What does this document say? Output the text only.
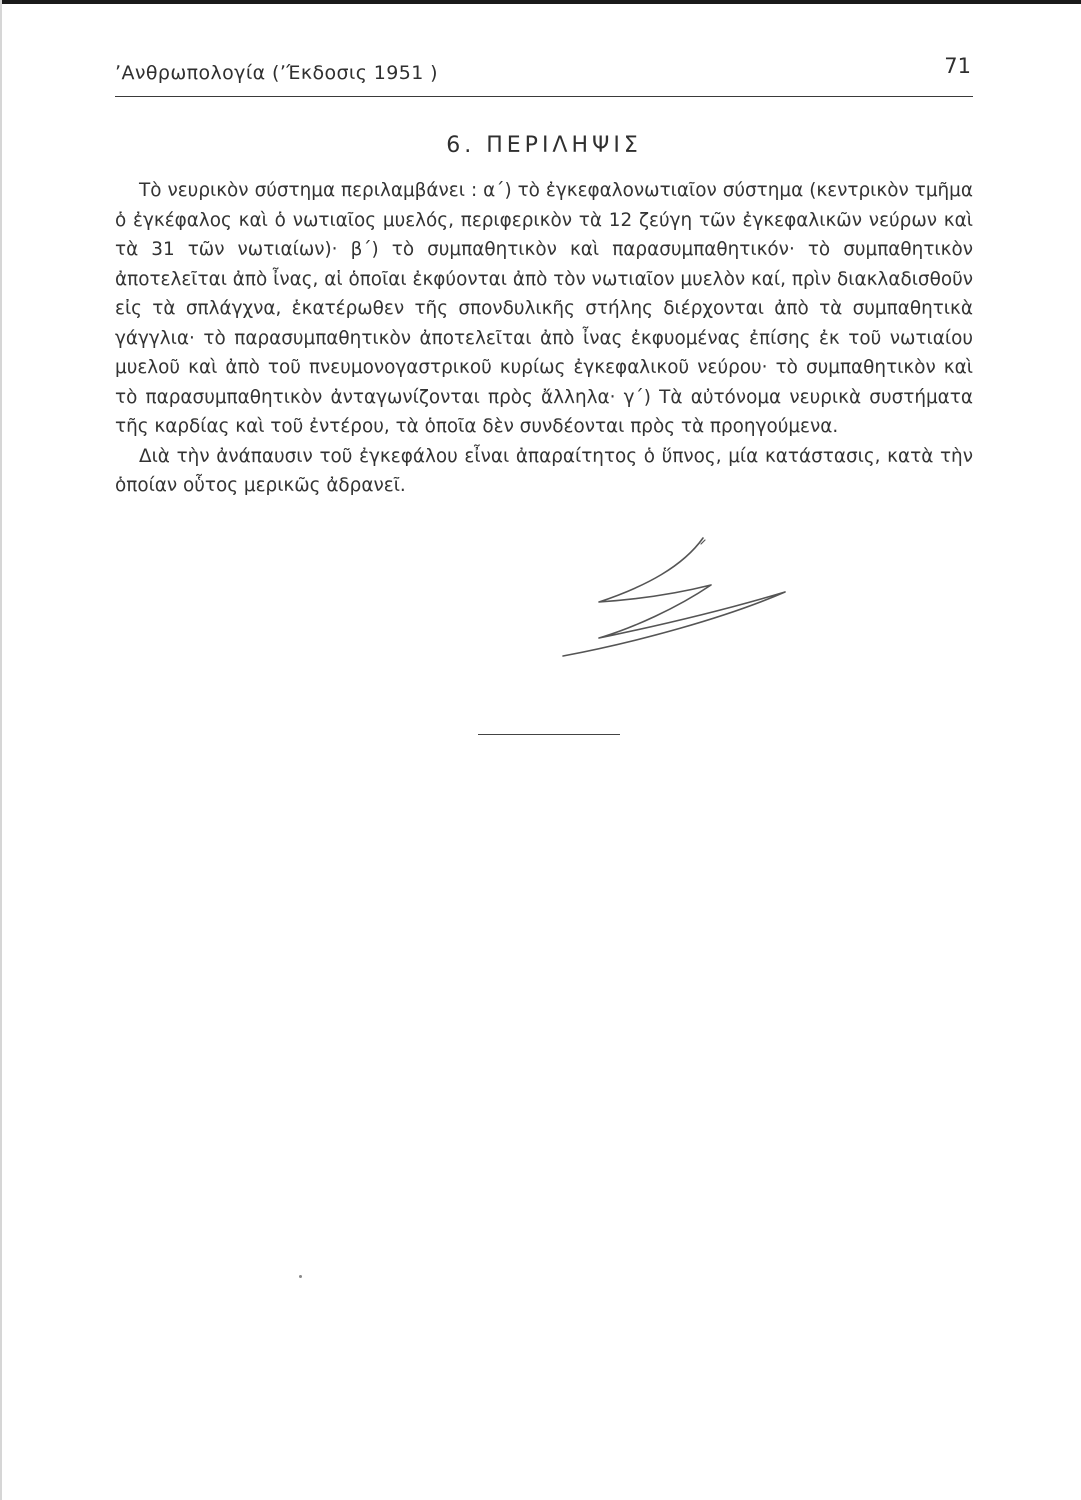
ʼΑνθρωπολογία (ʼΈκδοσις 1951 )	71
6. ΠΕΡΙΛΗΨΙΣ

Τὸ νευρικὸν σύστημα περιλαμβάνει : α΄) τὸ ἐγκεφαλονωτιαῖον σύστημα (κεντρικὸν τμῆμα ὁ ἐγκέφαλος καὶ ὁ νωτιαῖος μυελός, περιφερικὸν τὰ 12 ζεύγη τῶν ἐγκεφαλικῶν νεύρων καὶ τὰ 31 τῶν νωτιαίων)· β΄) τὸ συμπαθητικὸν καὶ παρασυμπαθητικόν· τὸ συμπαθητικὸν ἀποτελεῖται ἀπὸ ἶνας, αἱ ὁποῖαι ἐκφύονται ἀπὸ τὸν νωτιαῖον μυελὸν καί, πρὶν διακλαδισθοῦν εἰς τὰ σπλάγχνα, ἑκατέρωθεν τῆς σπονδυλικῆς στήλης διέρχονται ἀπὸ τὰ συμπαθητικὰ γάγγλια· τὸ παρασυμπαθητικὸν ἀποτελεῖται ἀπὸ ἶνας ἐκφυομένας ἐπίσης ἐκ τοῦ νωτιαίου μυελοῦ καὶ ἀπὸ τοῦ πνευμονογαστρικοῦ κυρίως ἐγκεφαλικοῦ νεύρου· τὸ συμπαθητικὸν καὶ τὸ παρασυμπαθητικὸν ἀνταγωνίζονται πρὸς ἄλληλα· γ΄) Τὰ αὐτόνομα νευρικὰ συστήματα τῆς καρδίας καὶ τοῦ ἐντέρου, τὰ ὁποῖα δὲν συνδέονται πρὸς τὰ προηγούμενα.

Διὰ τὴν ἀνάπαυσιν τοῦ ἐγκεφάλου εἶναι ἀπαραίτητος ὁ ὕπνος, μία κατάστασις, κατὰ τὴν ὁποίαν οὗτος μερικῶς ἀδρανεῖ.
